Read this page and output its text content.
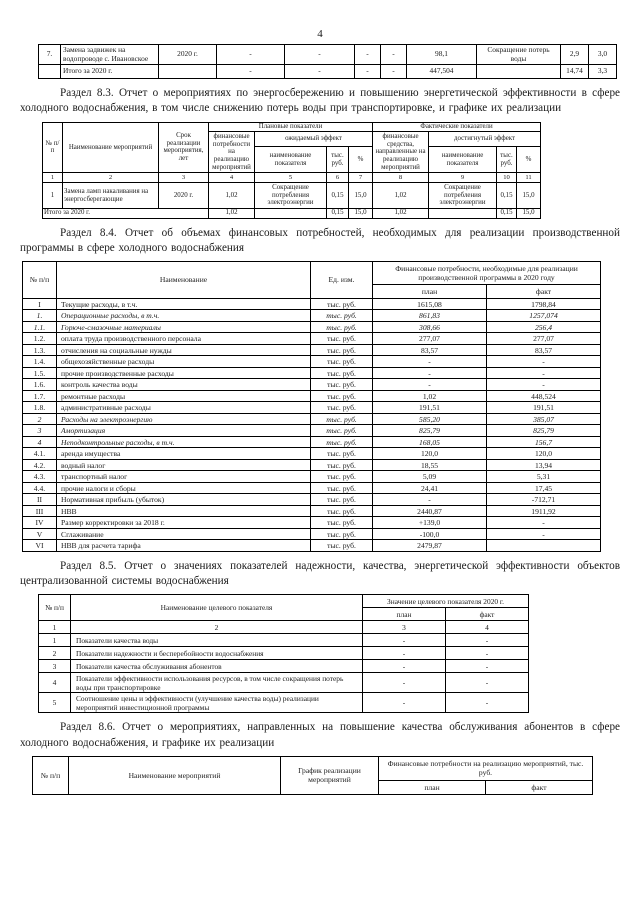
4
7.	Замена задвижек на водопроводе с. Ивановское	2020 г.	-	-	-	-	98,1	Сокращение потерь воды	2,9	3,0
	Итого за 2020 г.		-	-	-	-	447,504		14,74	3,3

Раздел 8.3. Отчет о мероприятиях по энергосбережению и повышению энергетической эффективности в сфере холодного водоснабжения, в том числе снижению потерь воды при транспортировке, и графике их реализации

№ п/п	Наименование мероприятий	Срок реализации мероприятия, лет	Плановые показатели				Фактические показатели			
			финансовые потребности на реализацию мероприятий	ожидаемый эффект			финансовые средства, направленные на реализацию мероприятий	достигнутый эффект		
				наименование показателя	тыс. руб.	%		наименование показателя	тыс. руб.	%
1	2	3	4	5	6	7	8	9	10	11
1	Замена ламп накаливания на энергосберегающие	2020 г.	1,02	Сокращение потребления электроэнергии	0,15	15,0	1,02	Сокращение потребления электроэнергии	0,15	15,0
Итого за 2020 г.			1,02		0,15	15,0	1,02		0,15	15,0

Раздел 8.4. Отчет об объемах финансовых потребностей, необходимых для реализации производственной программы в сфере холодного водоснабжения

№ п/п	Наименование	Ед. изм.	Финансовые потребности, необходимые для реализации производственной программы в 2020 году	
			план	факт
I	Текущие расходы, в т.ч.	тыс. руб.	1615,08	1798,84
1.	Операционные расходы, в т.ч.	тыс. руб.	861,83	1257,074
1.1.	Горюче-смазочные материалы	тыс. руб.	308,66	256,4
1.2.	оплата труда производственного персонала	тыс. руб.	277,07	277,07
1.3.	отчисления на социальные нужды	тыс. руб.	83,57	83,57
1.4.	общехозяйственные расходы	тыс. руб.	-	-
1.5.	прочие производственные расходы	тыс. руб.	-	-
1.6.	контроль качества воды	тыс. руб.	-	-
1.7.	ремонтные расходы	тыс. руб.	1,02	448,524
1.8.	административные расходы	тыс. руб.	191,51	191,51
2	Расходы на электроэнергию	тыс. руб.	585,20	385,07
3	Амортизация	тыс. руб.	825,79	825,79
4	Неподконтрольные расходы, в т.ч.	тыс. руб.	168,05	156,7
4.1.	аренда имущества	тыс. руб.	120,0	120,0
4.2.	водный налог	тыс. руб.	18,55	13,94
4.3.	транспортный налог	тыс. руб.	5,09	5,31
4.4.	прочие налоги и сборы	тыс. руб.	24,41	17,45
II	Нормативная прибыль (убыток)	тыс. руб.	-	-712,71
III	НВВ	тыс. руб.	2440,87	1911,92
IV	Размер корректировки за 2018 г.	тыс. руб.	+139,0	-
V	Сглаживание	тыс. руб.	-100,0	-
VI	НВВ для расчета тарифа	тыс. руб.	2479,87	

Раздел 8.5. Отчет о значениях показателей надежности, качества, энергетической эффективности объектов централизованной системы водоснабжения

№ п/п	Наименование целевого показателя	Значение целевого показателя 2020 г.	
		план	факт
1	2	3	4
1	Показатели качества воды	-	-
2	Показатели надежности и бесперебойности водоснабжения	-	-
3	Показатели качества обслуживания абонентов	-	-
4	Показатели эффективности использования ресурсов, в том числе сокращения потерь воды при транспортировке	-	-
5	Соотношение цены и эффективности (улучшение качества воды) реализации мероприятий инвестиционной программы	-	-

Раздел 8.6. Отчет о мероприятиях, направленных на повышение качества обслуживания абонентов в сфере холодного водоснабжения, и графике их реализации

№ п/п	Наименование мероприятий	График реализации мероприятий	Финансовые потребности на реализацию мероприятий, тыс. руб.	
			план	факт
